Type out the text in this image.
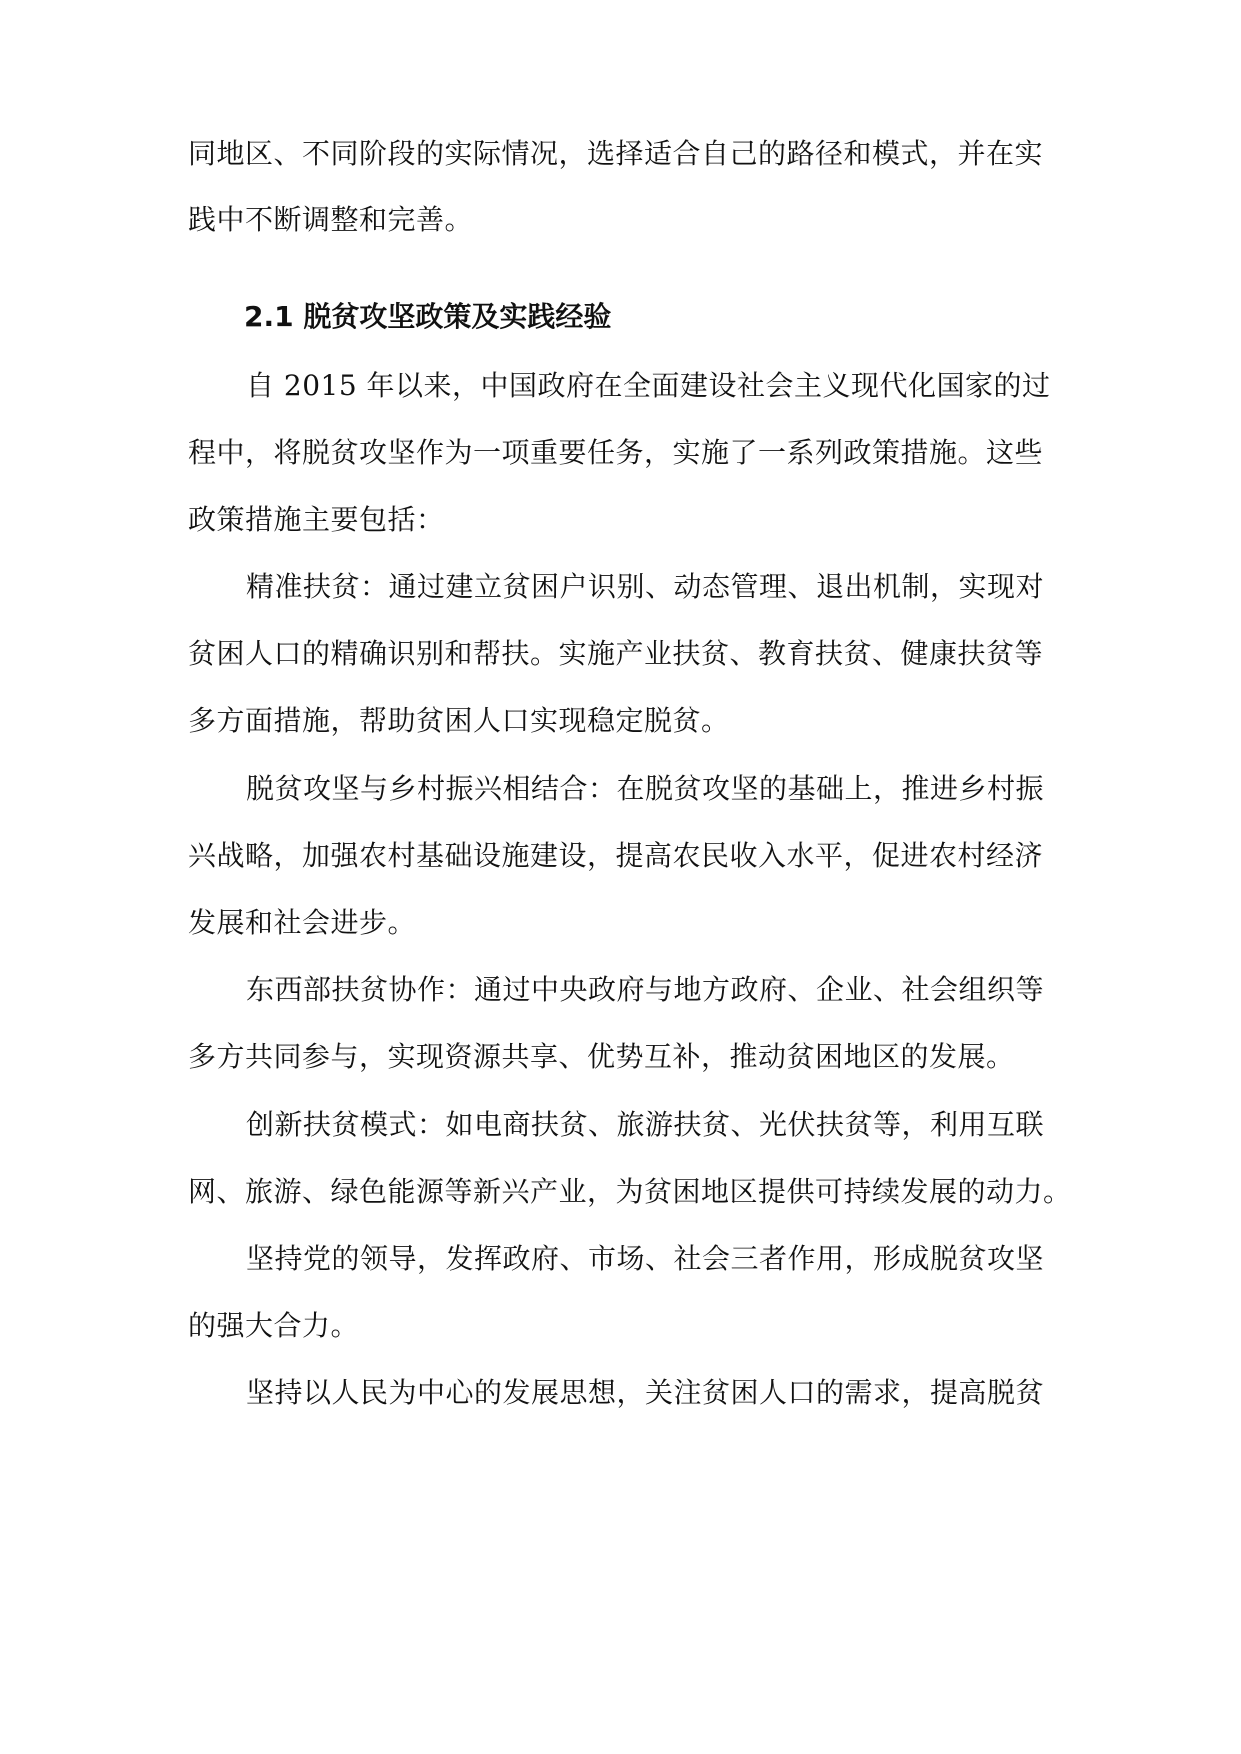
同地区、不同阶段的实际情况，选择适合自己的路径和模式，并在实
践中不断调整和完善。
2.1 脱贫攻坚政策及实践经验
自 2015 年以来，中国政府在全面建设社会主义现代化国家的过
程中，将脱贫攻坚作为一项重要任务，实施了一系列政策措施。这些
政策措施主要包括：
精准扶贫：通过建立贫困户识别、动态管理、退出机制，实现对
贫困人口的精确识别和帮扶。实施产业扶贫、教育扶贫、健康扶贫等
多方面措施，帮助贫困人口实现稳定脱贫。
脱贫攻坚与乡村振兴相结合：在脱贫攻坚的基础上，推进乡村振
兴战略，加强农村基础设施建设，提高农民收入水平，促进农村经济
发展和社会进步。
东西部扶贫协作：通过中央政府与地方政府、企业、社会组织等
多方共同参与，实现资源共享、优势互补，推动贫困地区的发展。
创新扶贫模式：如电商扶贫、旅游扶贫、光伏扶贫等，利用互联
网、旅游、绿色能源等新兴产业，为贫困地区提供可持续发展的动力。
坚持党的领导，发挥政府、市场、社会三者作用，形成脱贫攻坚
的强大合力。
坚持以人民为中心的发展思想，关注贫困人口的需求，提高脱贫
